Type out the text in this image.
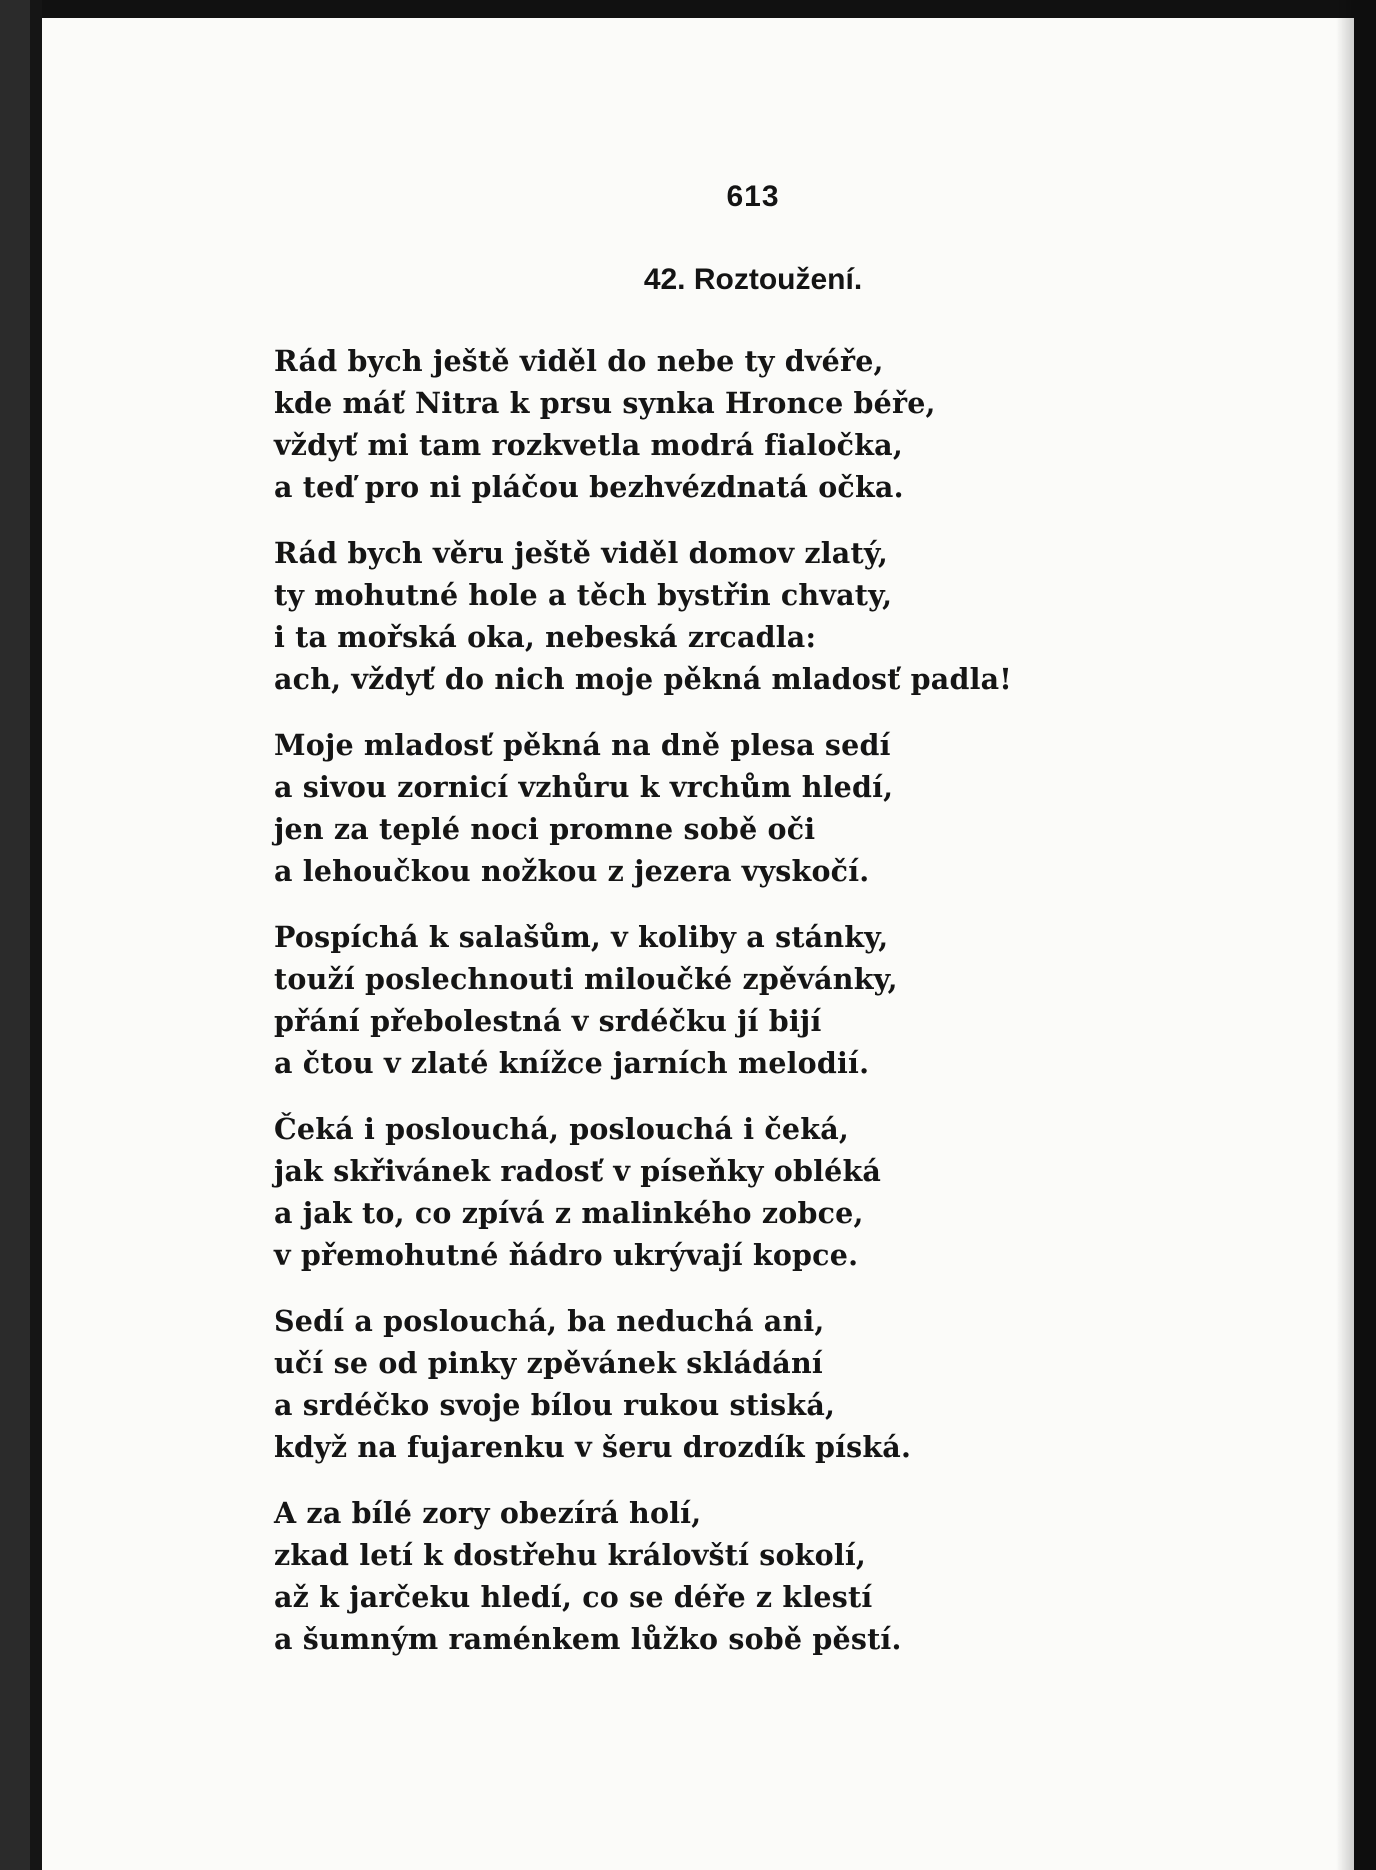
613
42. Roztoužení.
Rád bych ještě viděl do nebe ty dvéře,
kde máť Nitra k prsu synka Hronce béře,
vždyť mi tam rozkvetla modrá fialočka,
a teď pro ni pláčou bezhvézdnatá očka.
Rád bych věru ještě viděl domov zlatý,
ty mohutné hole a těch bystřin chvaty,
i ta mořská oka, nebeská zrcadla:
ach, vždyť do nich moje pěkná mladosť padla!
Moje mladosť pěkná na dně plesa sedí
a sivou zornicí vzhůru k vrchům hledí,
jen za teplé noci promne sobě oči
a lehoučkou nožkou z jezera vyskočí.
Pospíchá k salašům, v koliby a stánky,
touží poslechnouti miloučké zpěvánky,
přání přebolestná v srdéčku jí bijí
a čtou v zlaté knížce jarních melodií.
Čeká i poslouchá, poslouchá i čeká,
jak skřivánek radosť v píseňky obléká
a jak to, co zpívá z malinkého zobce,
v přemohutné ňádro ukrývají kopce.
Sedí a poslouchá, ba neduchá ani,
učí se od pinky zpěvánek skládání
a srdéčko svoje bílou rukou stiská,
když na fujarenku v šeru drozdík píská.
A za bílé zory obezírá holí,
zkad letí k dostřehu královští sokolí,
až k jarčeku hledí, co se déře z klestí
a šumným raménkem lůžko sobě pěstí.
